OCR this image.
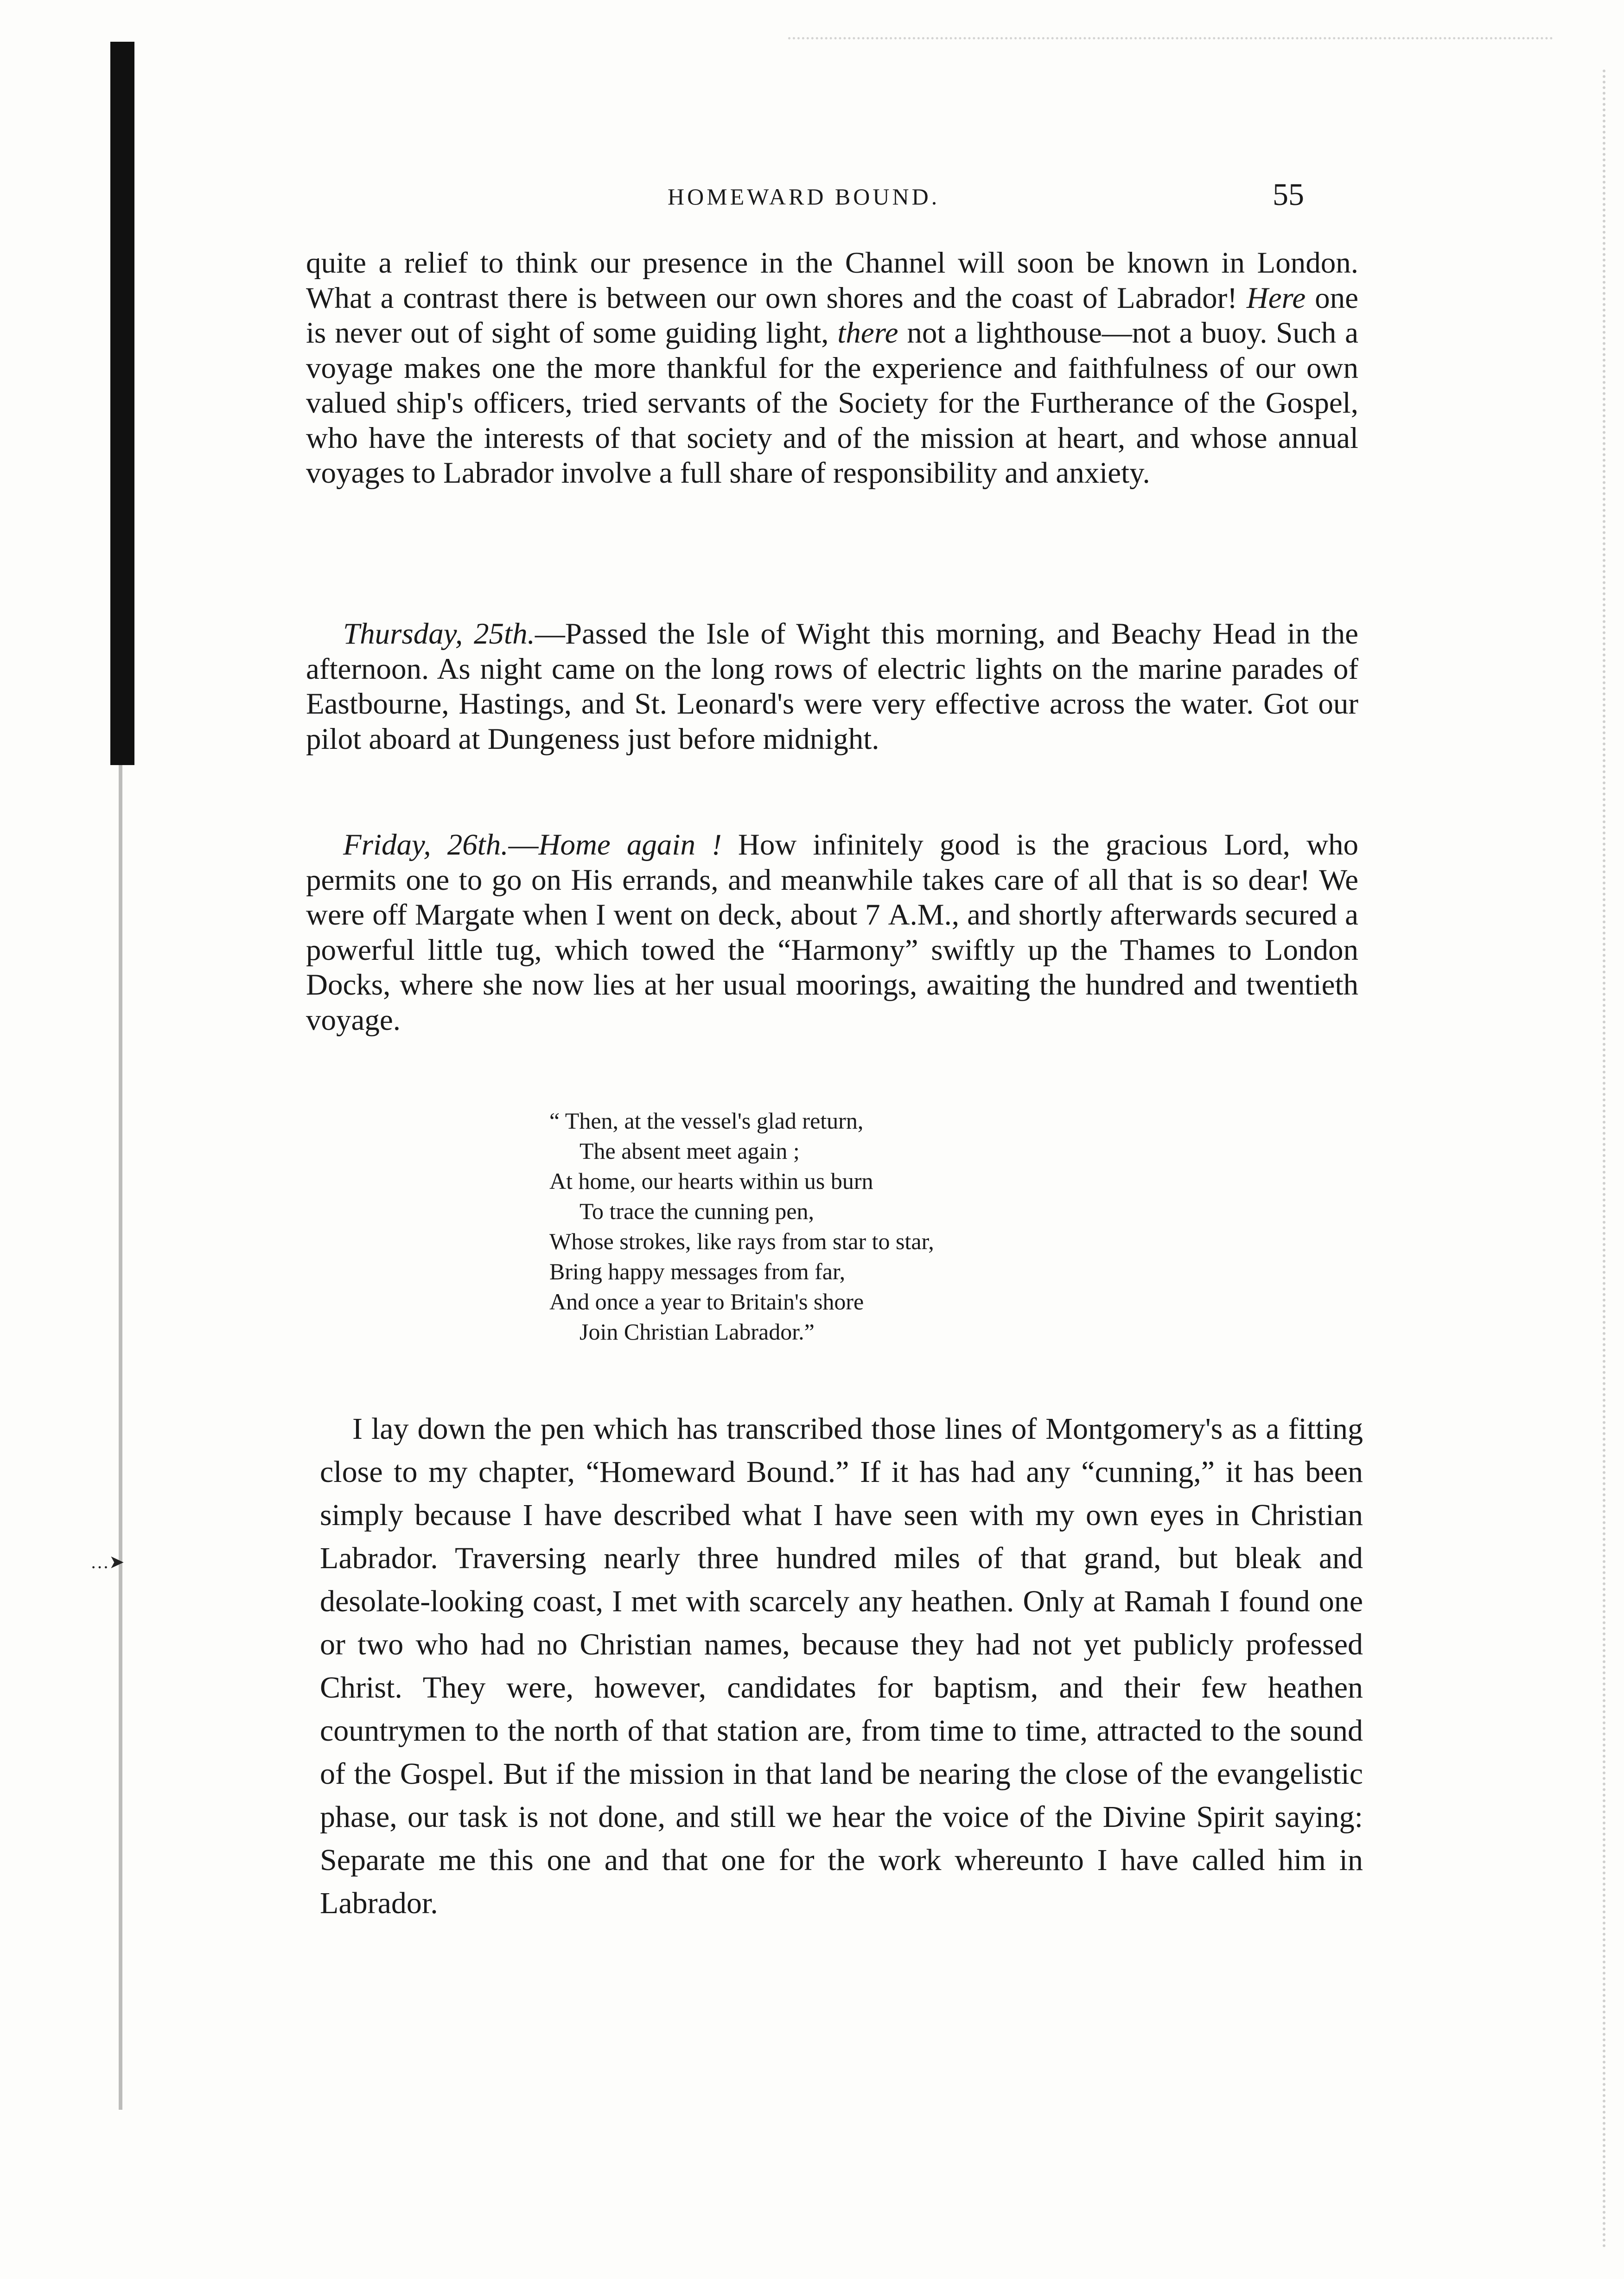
HOMEWARD BOUND.	55

quite a relief to think our presence in the Channel will soon be known in London. What a contrast there is between our own shores and the coast of Labrador! Here one is never out of sight of some guiding light, there not a lighthouse—not a buoy. Such a voyage makes one the more thankful for the experience and faithfulness of our own valued ship's officers, tried servants of the Society for the Furtherance of the Gospel, who have the interests of that society and of the mission at heart, and whose annual voyages to Labrador involve a full share of responsibility and anxiety.

Thursday, 25th.—Passed the Isle of Wight this morning, and Beachy Head in the afternoon. As night came on the long rows of electric lights on the marine parades of Eastbourne, Hastings, and St. Leonard's were very effective across the water. Got our pilot aboard at Dungeness just before midnight.

Friday, 26th.—Home again ! How infinitely good is the gracious Lord, who permits one to go on His errands, and meanwhile takes care of all that is so dear! We were off Margate when I went on deck, about 7 A.M., and shortly afterwards secured a powerful little tug, which towed the “Harmony” swiftly up the Thames to London Docks, where she now lies at her usual moorings, awaiting the hundred and twentieth voyage.

“ Then, at the vessel's glad return,
The absent meet again ;
At home, our hearts within us burn
To trace the cunning pen,
Whose strokes, like rays from star to star,
Bring happy messages from far,
And once a year to Britain's shore
Join Christian Labrador.”

I lay down the pen which has transcribed those lines of Montgomery's as a fitting close to my chapter, “Homeward Bound.” If it has had any “cunning,” it has been simply because I have described what I have seen with my own eyes in Christian Labrador. Traversing nearly three hundred miles of that grand, but bleak and desolate-looking coast, I met with scarcely any heathen. Only at Ramah I found one or two who had no Christian names, because they had not yet publicly professed Christ. They were, however, candidates for baptism, and their few heathen countrymen to the north of that station are, from time to time, attracted to the sound of the Gospel. But if the mission in that land be nearing the close of the evangelistic phase, our task is not done, and still we hear the voice of the Divine Spirit saying: Separate me this one and that one for the work whereunto I have called him in Labrador.

…➤
